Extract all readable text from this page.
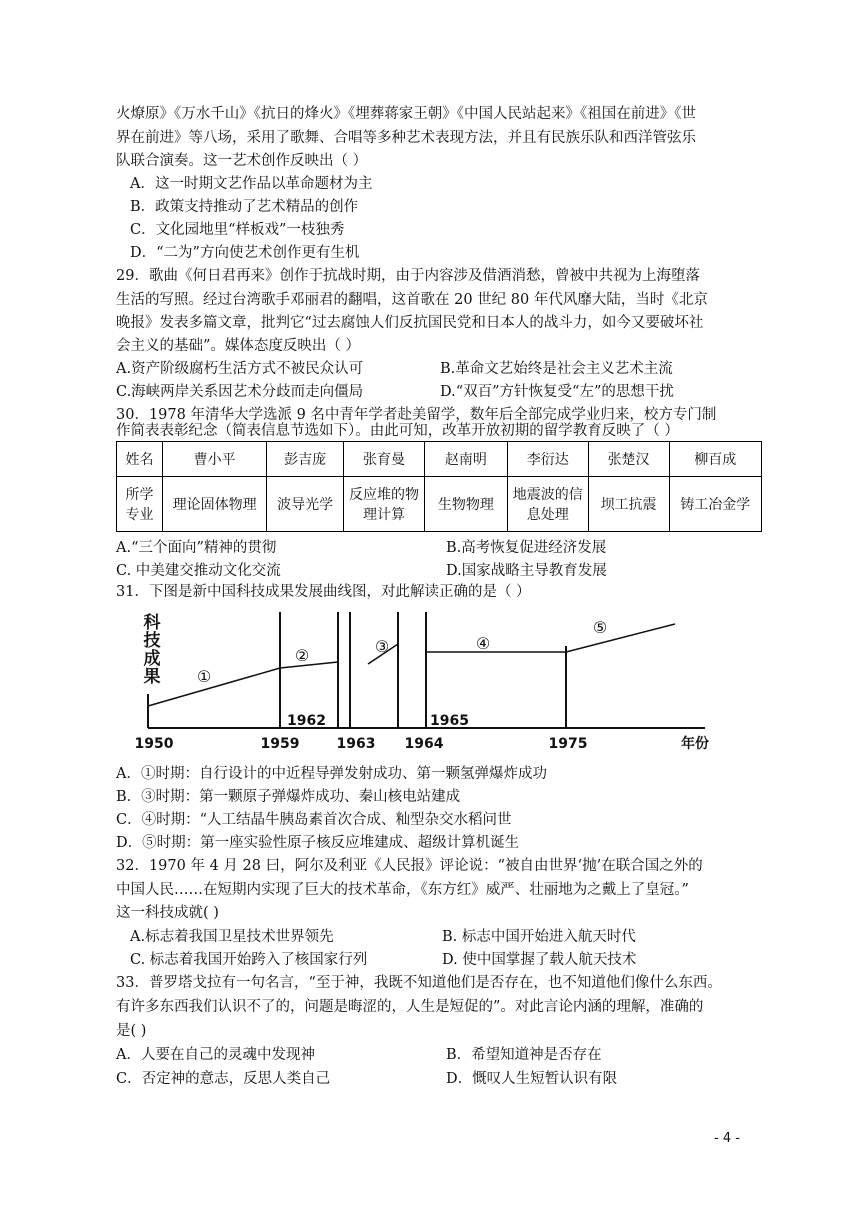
火燎原》《万水千山》《抗日的烽火》《埋葬蒋家王朝》《中国人民站起来》《祖国在前进》《世
界在前进》等八场，采用了歌舞、合唱等多种艺术表现方法，并且有民族乐队和西洋管弦乐
队联合演奏。这一艺术创作反映出（ ）
A．这一时期文艺作品以革命题材为主
B．政策支持推动了艺术精品的创作
C．文化园地里“样板戏”一枝独秀
D．“二为”方向使艺术创作更有生机
29．歌曲《何日君再来》创作于抗战时期，由于内容涉及借酒消愁，曾被中共视为上海堕落
生活的写照。经过台湾歌手邓丽君的翻唱，这首歌在 20 世纪 80 年代风靡大陆，当时《北京
晚报》发表多篇文章，批判它“过去腐蚀人们反抗国民党和日本人的战斗力，如今又要破坏社
会主义的基础”。媒体态度反映出（ ）
A.资产阶级腐朽生活方式不被民众认可	B.革命文艺始终是社会主义艺术主流
C.海峡两岸关系因艺术分歧而走向僵局	D.“双百”方针恢复受“左”的思想干扰
30．1978 年清华大学选派 9 名中青年学者赴美留学，数年后全部完成学业归来，校方专门制
作简表表彰纪念（简表信息节选如下）。由此可知，改革开放初期的留学教育反映了（ ）
姓名	曹小平	彭吉庞	张育曼	赵南明	李衍达	张楚汉	柳百成
所学专业	理论固体物理	波导光学	反应堆的物理计算	生物物理	地震波的信息处理	坝工抗震	铸工冶金学
A.“三个面向”精神的贯彻	B.高考恢复促进经济发展
C. 中美建交推动文化交流	D.国家战略主导教育发展
31．下图是新中国科技成果发展曲线图，对此解读正确的是（ ）
科
技
成
果 ①
②	③	④
⑤
1962	1965
1950	1959	1963 1964	1975	年份
A．①时期：自行设计的中近程导弹发射成功、第一颗氢弹爆炸成功
B．③时期：第一颗原子弹爆炸成功、秦山核电站建成
C．④时期：“人工结晶牛胰岛素首次合成、籼型杂交水稻问世
D．⑤时期：第一座实验性原子核反应堆建成、超级计算机诞生
32．1970 年 4 月 28 曰，阿尔及利亚《人民报》评论说：“被自由世界‘抛’在联合国之外的
中国人民……在短期内实现了巨大的技术革命，《东方红》威严、壮丽地为之戴上了皇冠。”
这一科技成就( )
A.标志着我国卫星技术世界领先	B. 标志中国开始进入航天时代
C. 标志着我国开始跨入了核国家行列	D. 使中国掌握了载人航天技术
33．普罗塔戈拉有一句名言，“至于神，我既不知道他们是否存在，也不知道他们像什么东西。
有许多东西我们认识不了的，问题是晦涩的，人生是短促的”。对此言论内涵的理解，准确的
是( )
A．人要在自己的灵魂中发现神	B．希望知道神是否存在
C．否定神的意志，反思人类自己	D．慨叹人生短暂认识有限
- 4 -
